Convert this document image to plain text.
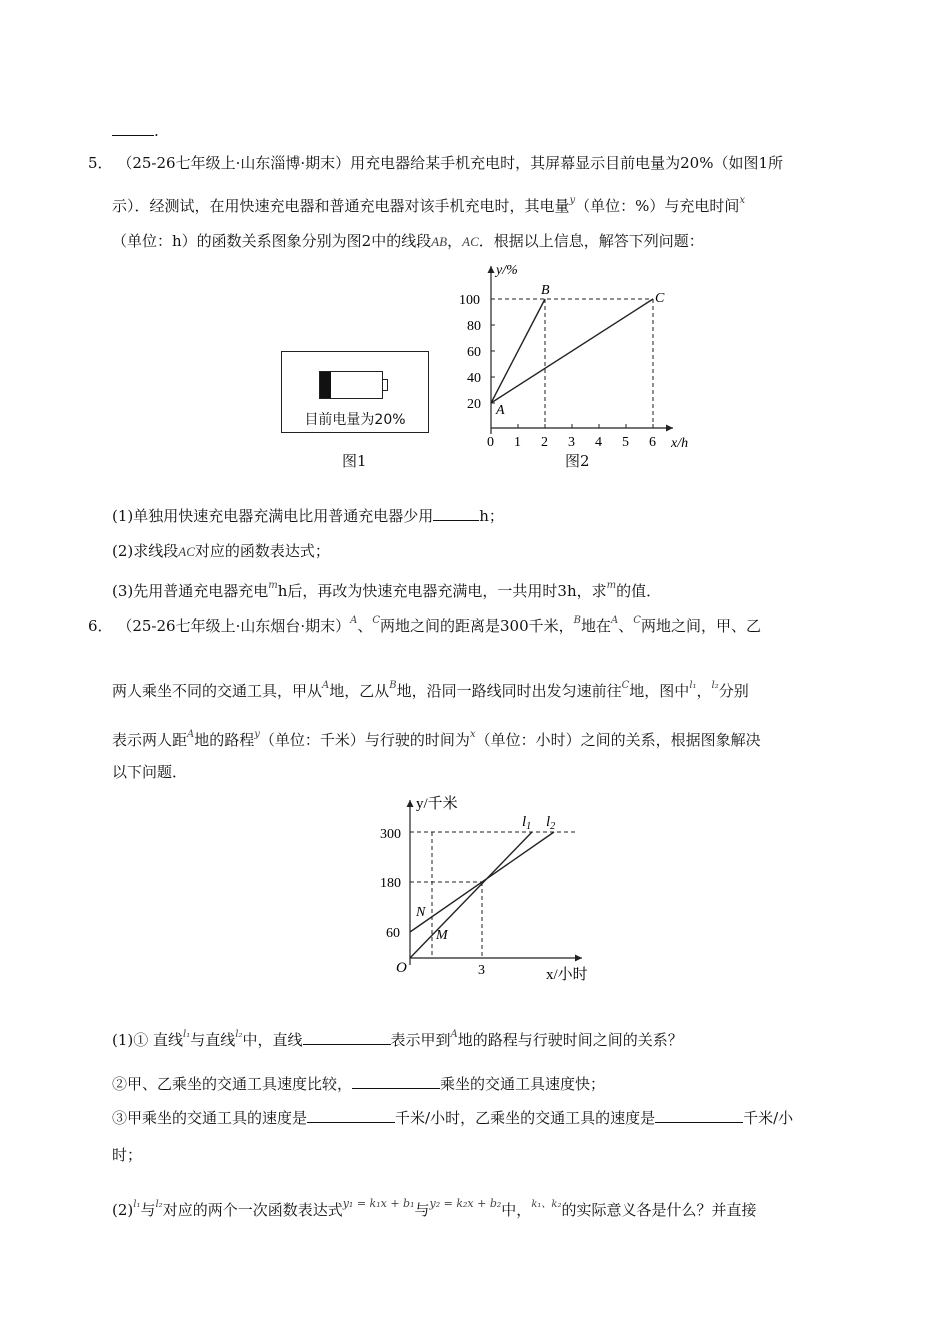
.
5． （25-26七年级上·山东淄博·期末）用充电器给某手机充电时，其屏幕显示目前电量为20%（如图1所
示）．经测试，在用快速充电器和普通充电器对该手机充电时，其电量$^y$（单位：%）与充电时间$^x$
（单位：h）的函数关系图象分别为图2中的线段AB，AC．根据以上信息，解答下列问题：
目前电量为20%
图1
y/%
x/h
20
40
60
80
100
0 1 2 3 4 5 6
A
B
C
图2
(1)单独用快速充电器充满电比用普通充电器少用	h；
(2)求线段AC对应的函数表达式；
(3)先用普通充电器充电$^m$h后，再改为快速充电器充满电，一共用时3h，求$^m$的值．
6． （25-26七年级上·山东烟台·期末）$^A$、$^C$两地之间的距离是300千米，$^B$地在$^A$、$^C$两地之间，甲、乙
两人乘坐不同的交通工具，甲从$^A$地，乙从$^B$地，沿同一路线同时出发匀速前往$^C$地，图中$^{l_1}$，$^{l_2}$分别
表示两人距$^A$地的路程$^y$（单位：千米）与行驶的时间为$^x$（单位：小时）之间的关系，根据图象解决
以下问题．
y/千米
x/小时
O
300
180
60
3
$l_1$ $l_2$
N
M
(1)① 直线$^{l_1}$与直线$^{l_2}$中，直线	表示甲到$^A$地的路程与行驶时间之间的关系？
②甲、乙乘坐的交通工具速度比较，	乘坐的交通工具速度快；
③甲乘坐的交通工具的速度是	千米/小时，乙乘坐的交通工具的速度是	千米/小
时；
$(2)^{l_1}$与$^{l_2}$对应的两个一次函数表达式$^{y_1 = k_1x + b_1}$与$^{y_2 = k_2x + b_2}$中，$^{k_1、k_2}$的实际意义各是什么？并直接
